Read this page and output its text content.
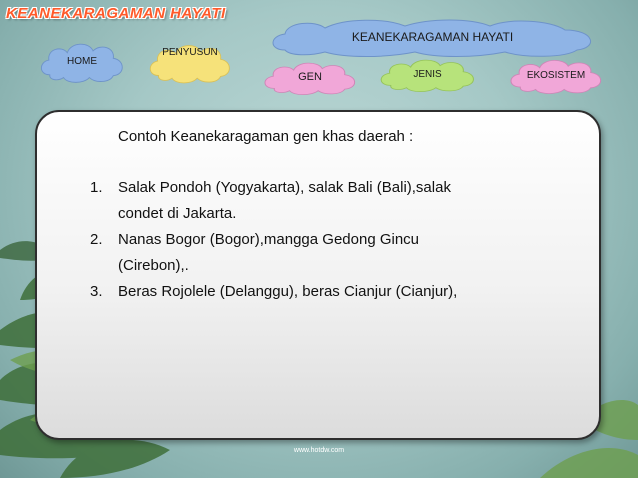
KEANEKARAGAMAN HAYATI
HOME
PENYUSUN
KEANEKARAGAMAN HAYATI
GEN	JENIS	EKOSISTEM
Contoh Keanekaragaman gen khas daerah :
1.	Salak Pondoh (Yogyakarta), salak Bali (Bali),salak
condet di Jakarta.
2.	Nanas Bogor (Bogor),mangga Gedong Gincu
(Cirebon),.
3.	Beras Rojolele (Delanggu), beras Cianjur (Cianjur),
www.hotdw.com
